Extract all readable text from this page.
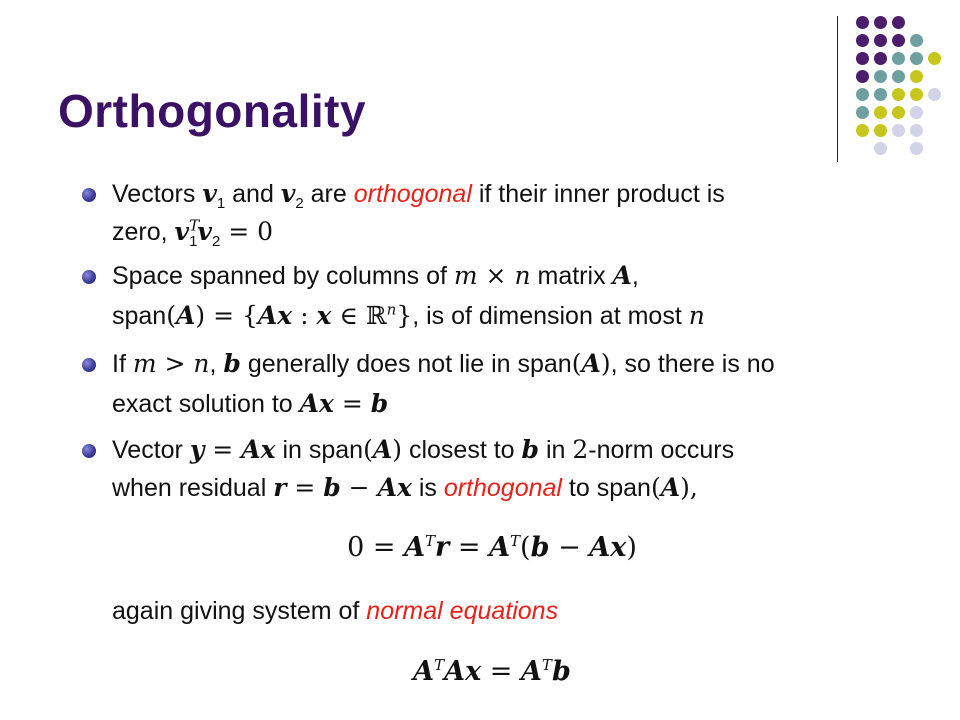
Orthogonality
Vectors $v_1$ and $v_2$ are orthogonal if their inner product is
zero, $v^T_1v_2 = 0$
Space spanned by columns of m × n matrix A,
span(A) = {Ax : x ∈ ℝ$^n$}, is of dimension at most n
If m > n, b generally does not lie in span(A), so there is no
exact solution to Ax = b
Vector y = Ax in span(A) closest to b in 2-norm occurs
when residual r = b − Ax is orthogonal to span(A),
$0 = A^Tr = A^T(b - Ax)$
again giving system of normal equations
$A^TAx = A^Tb$
